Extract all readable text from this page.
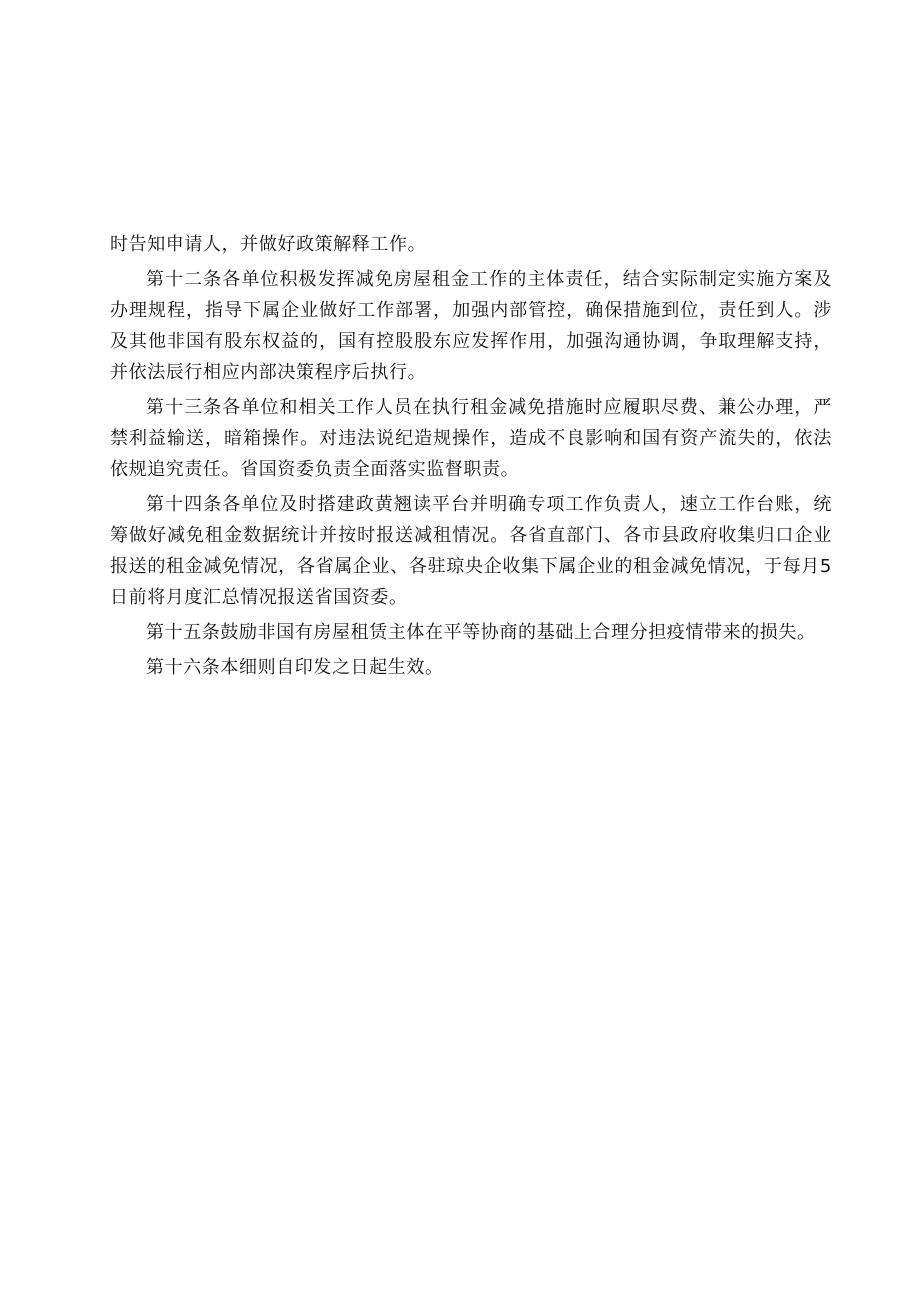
时告知申请人，并做好政策解释工作。

第十二条各单位积极发挥减免房屋租金工作的主体责任，结合实际制定实施方案及办理规程，指导下属企业做好工作部署，加强内部管控，确保措施到位，责任到人。涉及其他非国有股东权益的，国有控股股东应发挥作用，加强沟通协调，争取理解支持，并依法辰行相应内部决策程序后执行。

第十三条各单位和相关工作人员在执行租金减免措施时应履职尽费、兼公办理，严禁利益输送，暗箱操作。对违法说纪造规操作，造成不良影响和国有资产流失的，依法依规追究责任。省国资委负责全面落实监督职责。

第十四条各单位及时搭建政黄翘读平台并明确专项工作负责人，速立工作台账，统筹做好减免租金数据统计并按时报送减租情况。各省直部门、各市县政府收集归口企业报送的租金减免情况，各省属企业、各驻琼央企收集下属企业的租金减免情况，于每月5日前将月度汇总情况报送省国资委。

第十五条鼓励非国有房屋租赁主体在平等协商的基础上合理分担疫情带来的损失。

第十六条本细则自印发之日起生效。
